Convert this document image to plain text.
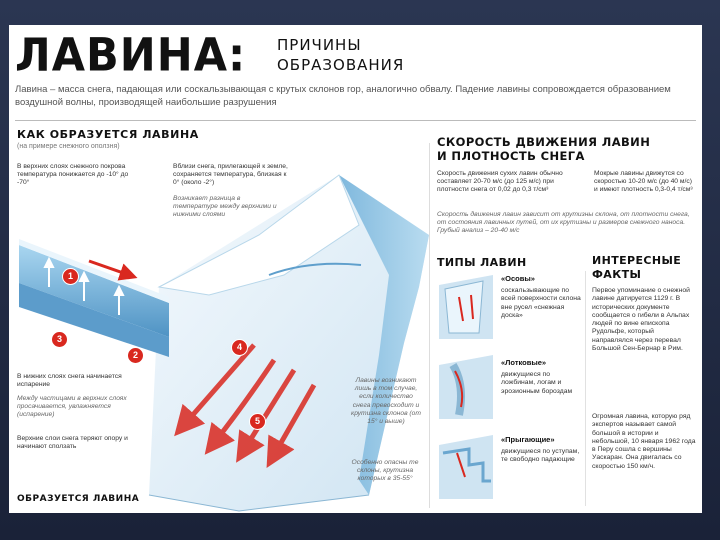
ЛАВИНА: ПРИЧИНЫ
ОБРАЗОВАНИЯ
Лавина – масса снега, падающая или соскальзывающая с крутых склонов гор, аналогично обвалу. Падение лавины сопровождается образованием воздушной волны, производящей наибольшие разрушения
КАК ОБРАЗУЕТСЯ ЛАВИНА
(на примере снежного оползня)
1
2
3
4
5
В верхних слоях снежного покрова температура понижается до -10° до -70°
Вблизи снега, прилегающей к земле, сохраняется температура, близкая к 0° (около -2°)
Возникает разница в температуре между верхними и нижними слоями
В нижних слоях снега начинается испарение
Между частицами в верхних слоях просачивается, увлажняется (испарение)
Верхние слои снега теряют опору и начинают сползать
Лавины возникают лишь в том случае, если количество снега превосходит и крутизна склонов (от 15° и выше)
Особенно опасны те склоны, крутизна которых в 35-55°
ОБРАЗУЕТСЯ ЛАВИНА
СКОРОСТЬ ДВИЖЕНИЯ ЛАВИН
И ПЛОТНОСТЬ СНЕГА
Скорость движения сухих лавин обычно составляет 20-70 м/с (до 125 м/с) при плотности снега от 0,02 до 0,3 т/см³
Мокрые лавины движутся со скоростью 10-20 м/с (до 40 м/с) и имеют плотность 0,3-0,4 т/см³
Скорость движения лавин зависит от крутизны склона, от плотности снега, от состояния лавинных путей, от их крутизны и размеров снежного наноса. Грубый анализ – 20-40 м/с
ТИПЫ ЛАВИН
«Осовы»
соскальзывающие по всей поверхности склона вне русел «снежная доска»
«Лотковые»
движущиеся по ложбинам, логам и эрозионным бороздам
«Прыгающие»
движущиеся по уступам, те свободно падающие
ИНТЕРЕСНЫЕ
ФАКТЫ
Первое упоминание о снежной лавине датируется 1129 г. В исторических документе сообщается о гибели в Альпах людей по вине епископа Рудольфе, который направлялся через перевал Большой Сен-Бернар в Рим.
Огромная лавина, которую ряд экспертов называет самой большой в истории и небольшой, 10 января 1962 года в Перу сошла с вершины Уаскаран. Она двигалась со скоростью 150 км/ч.
